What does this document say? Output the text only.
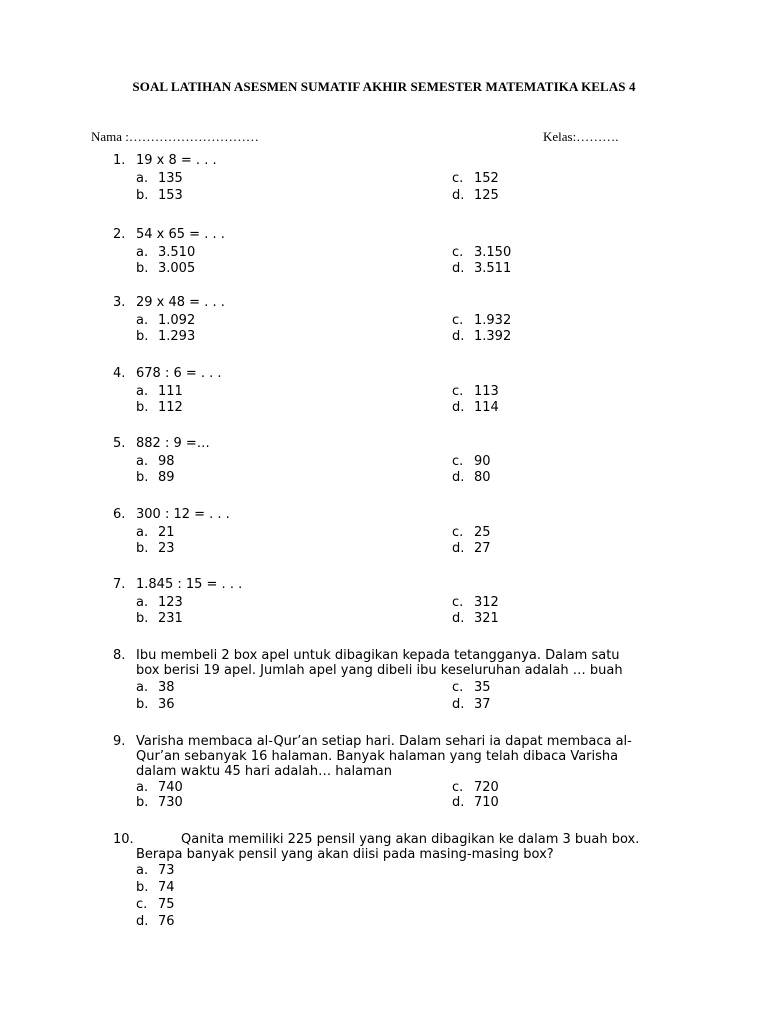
SOAL LATIHAN ASESMEN SUMATIF AKHIR SEMESTER MATEMATIKA KELAS 4
Nama :…………………………	Kelas:……….
1. 19 x 8 = . . .
a. 135
b. 153
c. 152
d. 125
2. 54 x 65 = . . .
a. 3.510
b. 3.005
c. 3.150
d. 3.511
3. 29 x 48 = . . .
a. 1.092
b. 1.293
c. 1.932
d. 1.392
4. 678 : 6 = . . .
a. 111
b. 112
c. 113
d. 114
5. 882 : 9 =…
a. 98
b. 89
c. 90
d. 80
6. 300 : 12 = . . .
a. 21
b. 23
c. 25
d. 27
7. 1.845 : 15 = . . .
a. 123
b. 231
c. 312
d. 321
8. Ibu membeli 2 box apel untuk dibagikan kepada tetangganya. Dalam satu
box berisi 19 apel. Jumlah apel yang dibeli ibu keseluruhan adalah … buah
a. 38
b. 36
c. 35
d. 37
9. Varisha membaca al-Qur’an setiap hari. Dalam sehari ia dapat membaca al-
Qur’an sebanyak 16 halaman. Banyak halaman yang telah dibaca Varisha
dalam waktu 45 hari adalah… halaman
a. 740
b. 730
c. 720
d. 710
10.	Qanita memiliki 225 pensil yang akan dibagikan ke dalam 3 buah box.
Berapa banyak pensil yang akan diisi pada masing-masing box?
a. 73
b. 74
c. 75
d. 76
